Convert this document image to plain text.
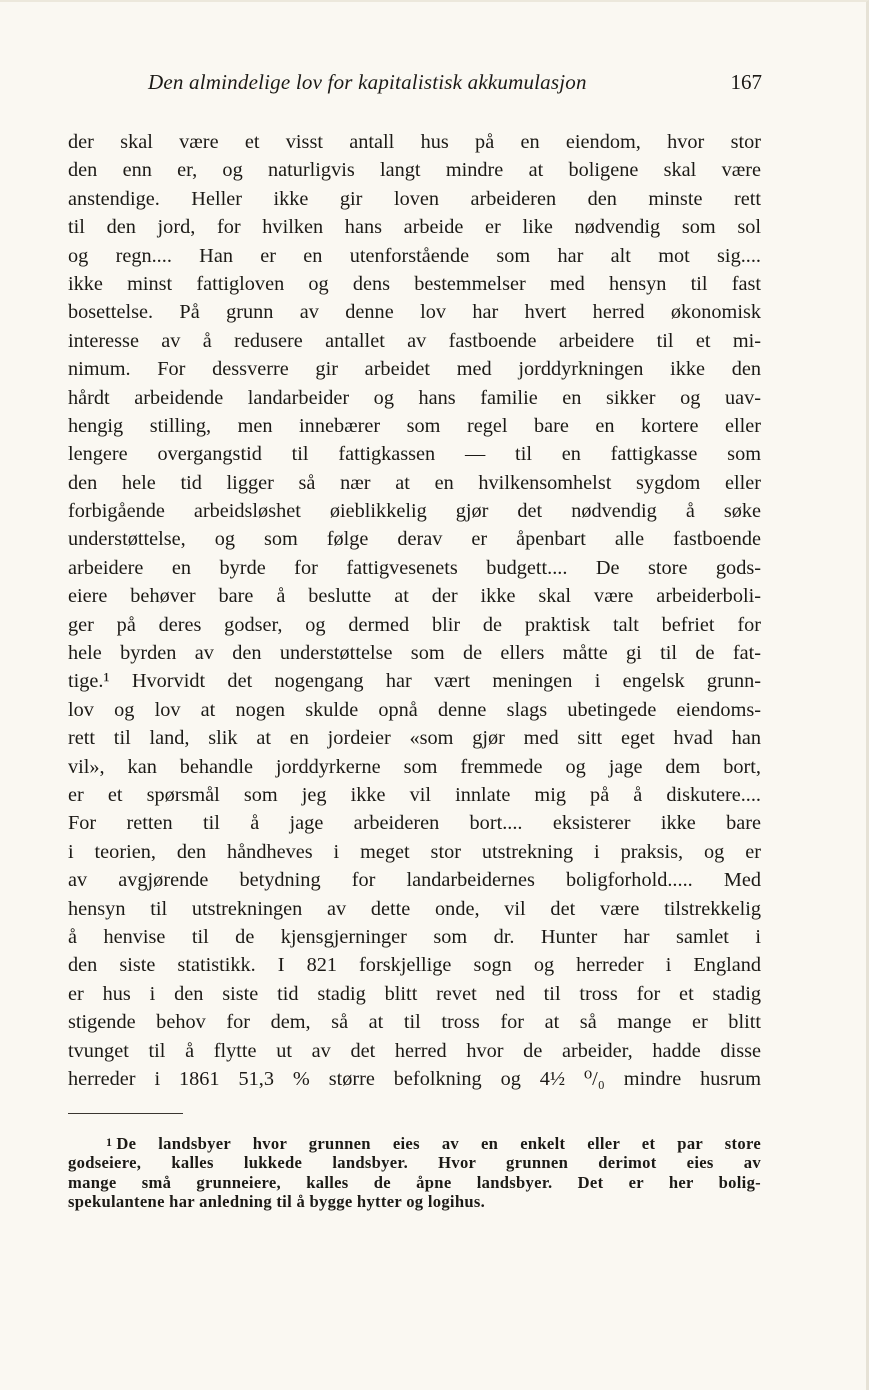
Den almindelige lov for kapitalistisk akkumulasjon	167
der skal være et visst antall hus på en eiendom, hvor stor
den enn er, og naturligvis langt mindre at boligene skal være
anstendige. Heller ikke gir loven arbeideren den minste rett
til den jord, for hvilken hans arbeide er like nødvendig som sol
og regn.... Han er en utenforstående som har alt mot sig....
ikke minst fattigloven og dens bestemmelser med hensyn til fast
bosettelse. På grunn av denne lov har hvert herred økonomisk
interesse av å redusere antallet av fastboende arbeidere til et mi-
nimum. For dessverre gir arbeidet med jorddyrkningen ikke den
hårdt arbeidende landarbeider og hans familie en sikker og uav-
hengig stilling, men innebærer som regel bare en kortere eller
lengere overgangstid til fattigkassen — til en fattigkasse som
den hele tid ligger så nær at en hvilkensomhelst sygdom eller
forbigående arbeidsløshet øieblikkelig gjør det nødvendig å søke
understøttelse, og som følge derav er åpenbart alle fastboende
arbeidere en byrde for fattigvesenets budgett.... De store gods-
eiere behøver bare å beslutte at der ikke skal være arbeiderboli-
ger på deres godser, og dermed blir de praktisk talt befriet for
hele byrden av den understøttelse som de ellers måtte gi til de fat-
tige.¹ Hvorvidt det nogengang har vært meningen i engelsk grunn-
lov og lov at nogen skulde opnå denne slags ubetingede eiendoms-
rett til land, slik at en jordeier «som gjør med sitt eget hvad han
vil», kan behandle jorddyrkerne som fremmede og jage dem bort,
er et spørsmål som jeg ikke vil innlate mig på å diskutere....
For retten til å jage arbeideren bort.... eksisterer ikke bare
i teorien, den håndheves i meget stor utstrekning i praksis, og er
av avgjørende betydning for landarbeidernes boligforhold..... Med
hensyn til utstrekningen av dette onde, vil det være tilstrekkelig
å henvise til de kjensgjerninger som dr. Hunter har samlet i
den siste statistikk. I 821 forskjellige sogn og herreder i England
er hus i den siste tid stadig blitt revet ned til tross for et stadig
stigende behov for dem, så at til tross for at så mange er blitt
tvunget til å flytte ut av det herred hvor de arbeider, hadde disse
herreder i 1861 51,3 % større befolkning og 4½ ⁰/₀ mindre husrum
1 De landsbyer hvor grunnen eies av en enkelt eller et par store
godseiere, kalles lukkede landsbyer. Hvor grunnen derimot eies av
mange små grunneiere, kalles de åpne landsbyer. Det er her bolig-
spekulantene har anledning til å bygge hytter og logihus.
